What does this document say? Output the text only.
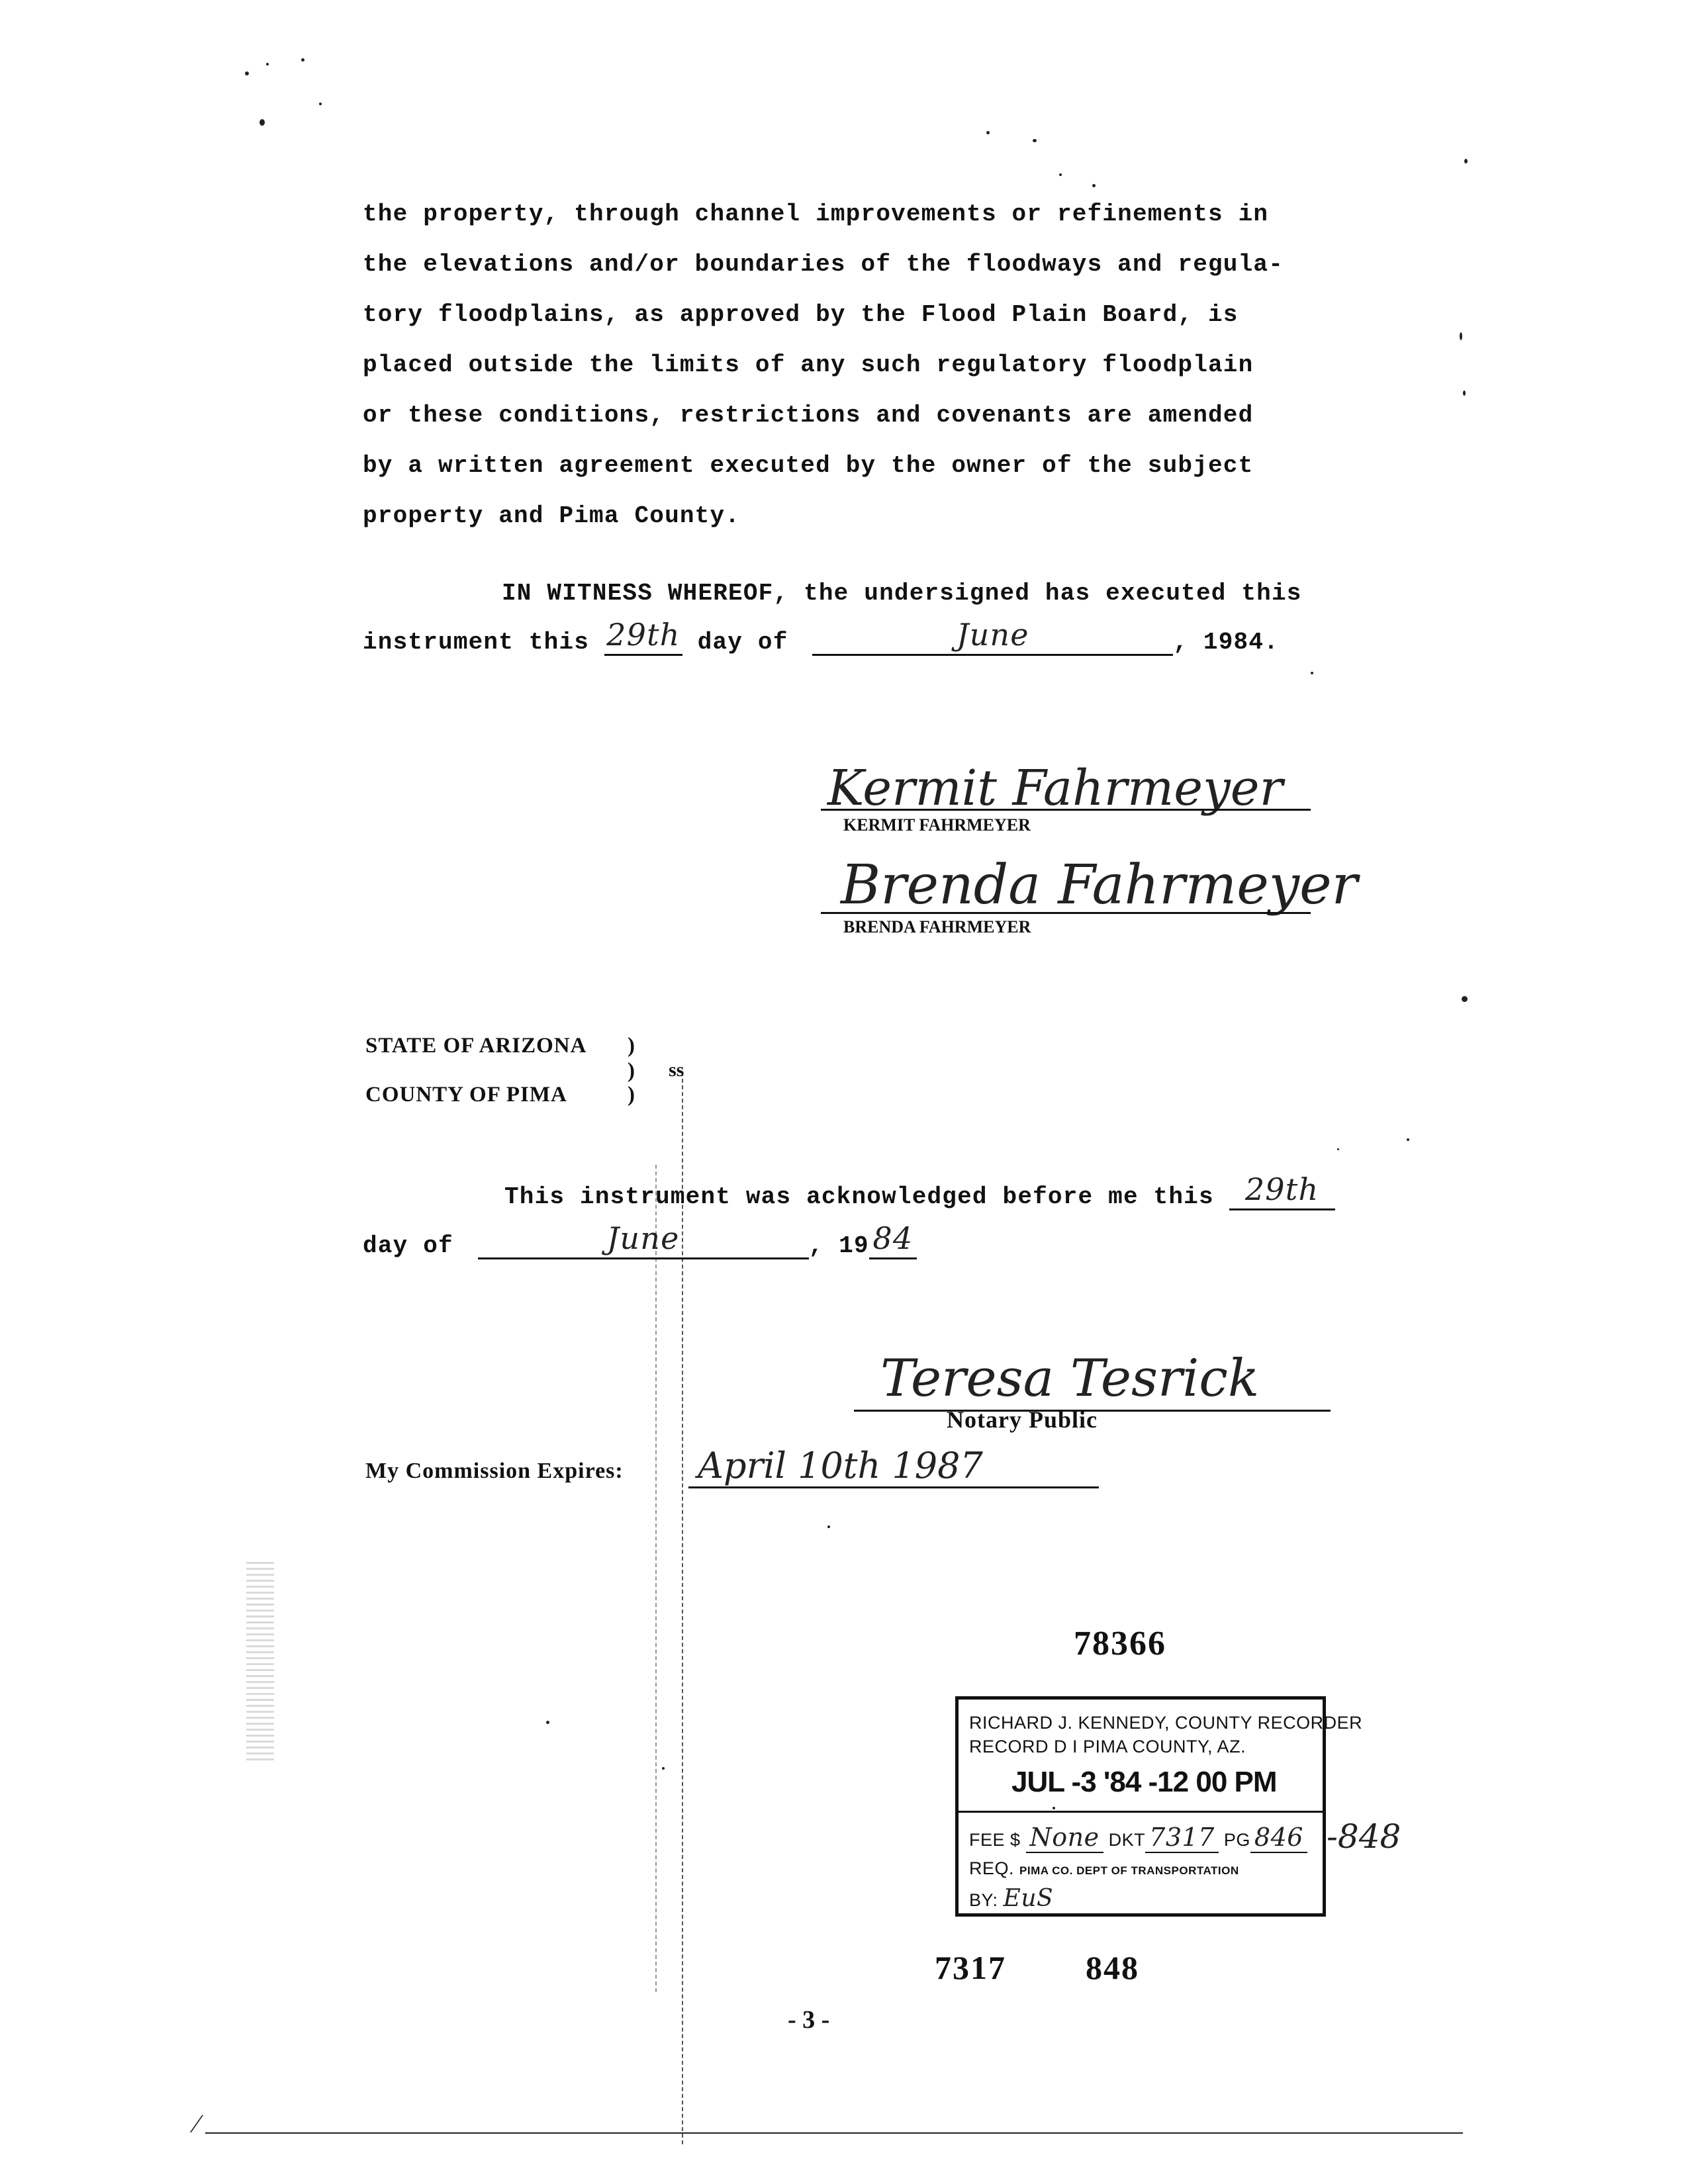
the property, through channel improvements or refinements in
the elevations and/or boundaries of the floodways and regula-
tory floodplains, as approved by the Flood Plain Board, is
placed outside the limits of any such regulatory floodplain
or these conditions, restrictions and covenants are amended
by a written agreement executed by the owner of the subject
property and Pima County.
IN WITNESS WHEREOF, the undersigned has executed this
instrument this 29th day of	June	, 1984.
Kermit Fahrmeyer
KERMIT FAHRMEYER
Brenda Fahrmeyer
BRENDA FAHRMEYER
STATE OF ARIZONA )
) ss
COUNTY OF PIMA	)
This instrument was acknowledged before me this	29th
day of	June	, 19 84
Teresa Tesrick
Notary Public
My Commission Expires: April 10th 1987
78366
RICHARD J. KENNEDY, COUNTY RECORDER
RECORD D I PIMA COUNTY, AZ.
JUL -3 '84 -12 00 PM
FEE $ None DKT 7317 PG 846
REQ. PIMA CO. DEPT OF TRANSPORTATION
BY: EuS
-848
7317 848
- 3 -
